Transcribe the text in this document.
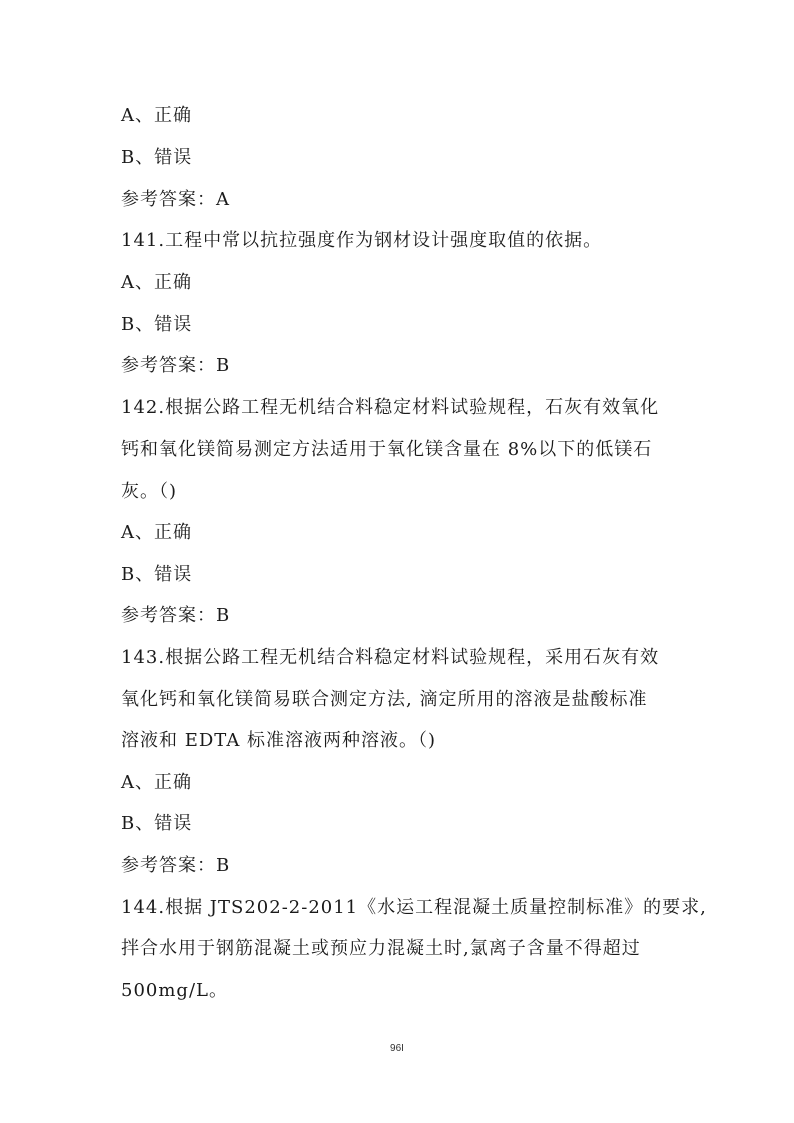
A、正确
B、错误
参考答案：A
141.工程中常以抗拉强度作为钢材设计强度取值的依据。
A、正确
B、错误
参考答案：B
142.根据公路工程无机结合料稳定材料试验规程，石灰有效氧化
钙和氧化镁简易测定方法适用于氧化镁含量在 8%以下的低镁石
灰。（)
A、正确
B、错误
参考答案：B
143.根据公路工程无机结合料稳定材料试验规程，采用石灰有效
氧化钙和氧化镁简易联合测定方法, 滴定所用的溶液是盐酸标准
溶液和 EDTA 标准溶液两种溶液。（)
A、正确
B、错误
参考答案：B
144.根据 JTS202-2-2011《水运工程混凝土质量控制标准》的要求,
拌合水用于钢筋混凝土或预应力混凝土时,氯离子含量不得超过
500mg/L。
96I
